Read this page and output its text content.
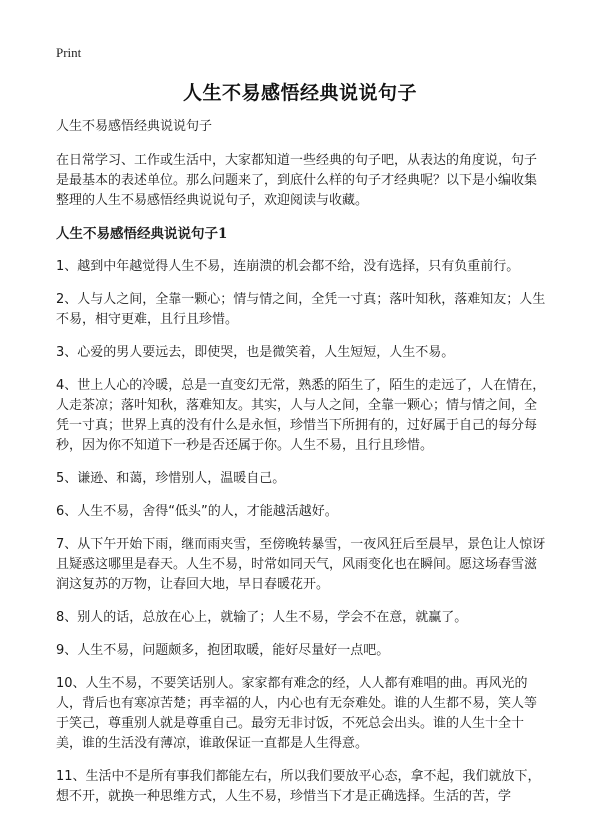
Print
人生不易感悟经典说说句子

人生不易感悟经典说说句子

在日常学习、工作或生活中，大家都知道一些经典的句子吧，从表达的角度说，句子是最基本的表述单位。那么问题来了，到底什么样的句子才经典呢？以下是小编收集整理的人生不易感悟经典说说句子，欢迎阅读与收藏。

人生不易感悟经典说说句子1

1、越到中年越觉得人生不易，连崩溃的机会都不给，没有选择，只有负重前行。

2、人与人之间，全靠一颗心；情与情之间，全凭一寸真；落叶知秋，落难知友；人生不易，相守更难，且行且珍惜。

3、心爱的男人要远去，即使哭，也是微笑着，人生短短，人生不易。

4、世上人心的冷暖，总是一直变幻无常，熟悉的陌生了，陌生的走远了，人在情在，人走茶凉；落叶知秋，落难知友。其实，人与人之间，全靠一颗心；情与情之间，全凭一寸真；世界上真的没有什么是永恒，珍惜当下所拥有的，过好属于自己的每分每秒，因为你不知道下一秒是否还属于你。人生不易，且行且珍惜。

5、谦逊、和蔼，珍惜别人，温暖自己。

6、人生不易，舍得“低头”的人，才能越活越好。

7、从下午开始下雨，继而雨夹雪，至傍晚转暴雪，一夜风狂后至晨早，景色让人惊讶且疑惑这哪里是春天。人生不易，时常如同天气，风雨变化也在瞬间。愿这场春雪滋润这复苏的万物，让春回大地，早日春暖花开。

8、别人的话，总放在心上，就输了；人生不易，学会不在意，就赢了。

9、人生不易，问题颇多，抱团取暖，能好尽量好一点吧。

10、人生不易，不要笑话别人。家家都有难念的经，人人都有难唱的曲。再风光的人，背后也有寒凉苦楚；再幸福的人，内心也有无奈难处。谁的人生都不易，笑人等于笑己，尊重别人就是尊重自己。最穷无非讨饭，不死总会出头。谁的人生十全十美，谁的生活没有薄凉，谁敢保证一直都是人生得意。

11、生活中不是所有事我们都能左右，所以我们要放平心态，拿不起，我们就放下，想不开，就换一种思维方式，人生不易，珍惜当下才是正确选择。生活的苦，学
